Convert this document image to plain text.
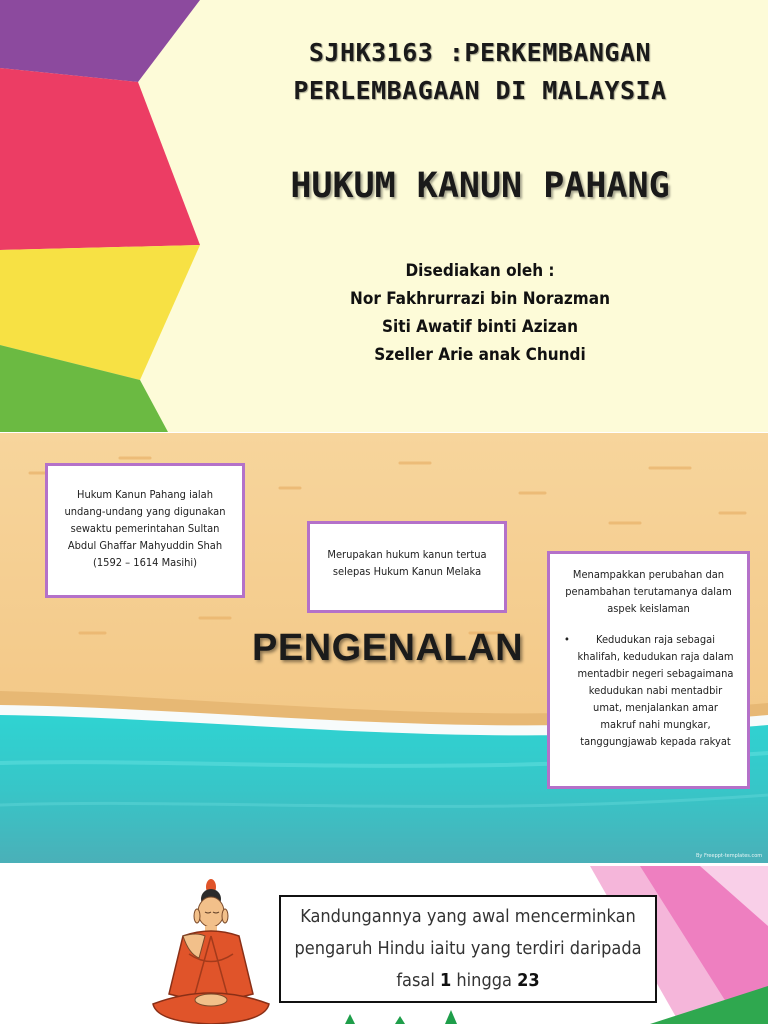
SJHK3163 :PERKEMBANGAN
PERLEMBAGAAN DI MALAYSIA
HUKUM KANUN PAHANG
Disediakan oleh :
Nor Fakhrurrazi bin Norazman
Siti Awatif binti Azizan
Szeller Arie anak Chundi
Hukum Kanun Pahang ialah undang-undang yang digunakan sewaktu pemerintahan Sultan Abdul Ghaffar Mahyuddin Shah (1592 – 1614 Masihi)
Merupakan hukum kanun tertua selepas Hukum Kanun Melaka	Menampakkan perubahan dan penambahan terutamanya dalam aspek keislaman
• Kedudukan raja sebagai khalifah, kedudukan raja dalam mentadbir negeri sebagaimana kedudukan nabi mentadbir umat, menjalankan amar makruf nahi mungkar, tanggungjawab kepada rakyat
PENGENALAN
By Freeppt-templates.com
Kandungannya yang awal mencerminkan pengaruh Hindu iaitu yang terdiri daripada fasal 1 hingga 23
